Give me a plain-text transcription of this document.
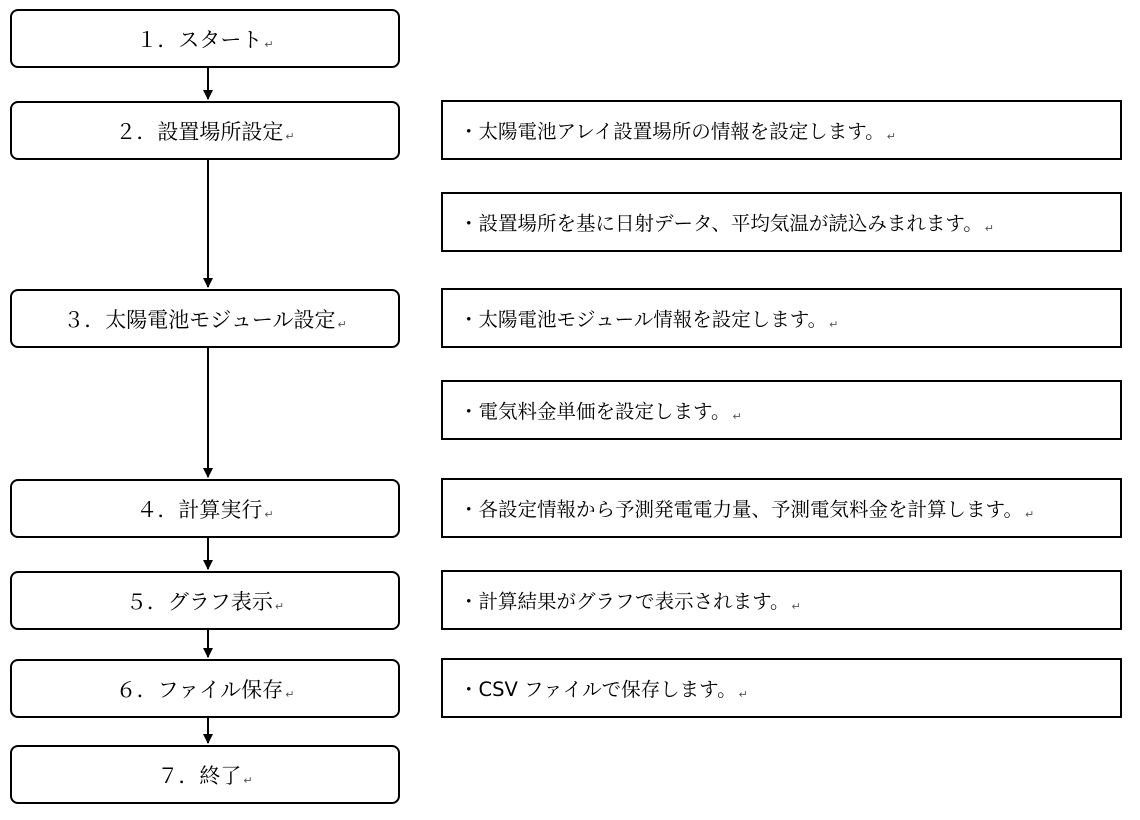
１．スタート ↵
２．設置場所設定 ↵
３．太陽電池モジュール設定 ↵
４．計算実行 ↵
５．グラフ表示 ↵
６．ファイル保存 ↵
７．終了 ↵
・太陽電池アレイ設置場所の情報を設定します。 ↵
・設置場所を基に日射データ、平均気温が読込みまれます。 ↵
・太陽電池モジュール情報を設定します。 ↵
・電気料金単価を設定します。 ↵
・各設定情報から予測発電電力量、予測電気料金を計算します。 ↵
・計算結果がグラフで表示されます。 ↵
・CSV ファイルで保存します。 ↵
